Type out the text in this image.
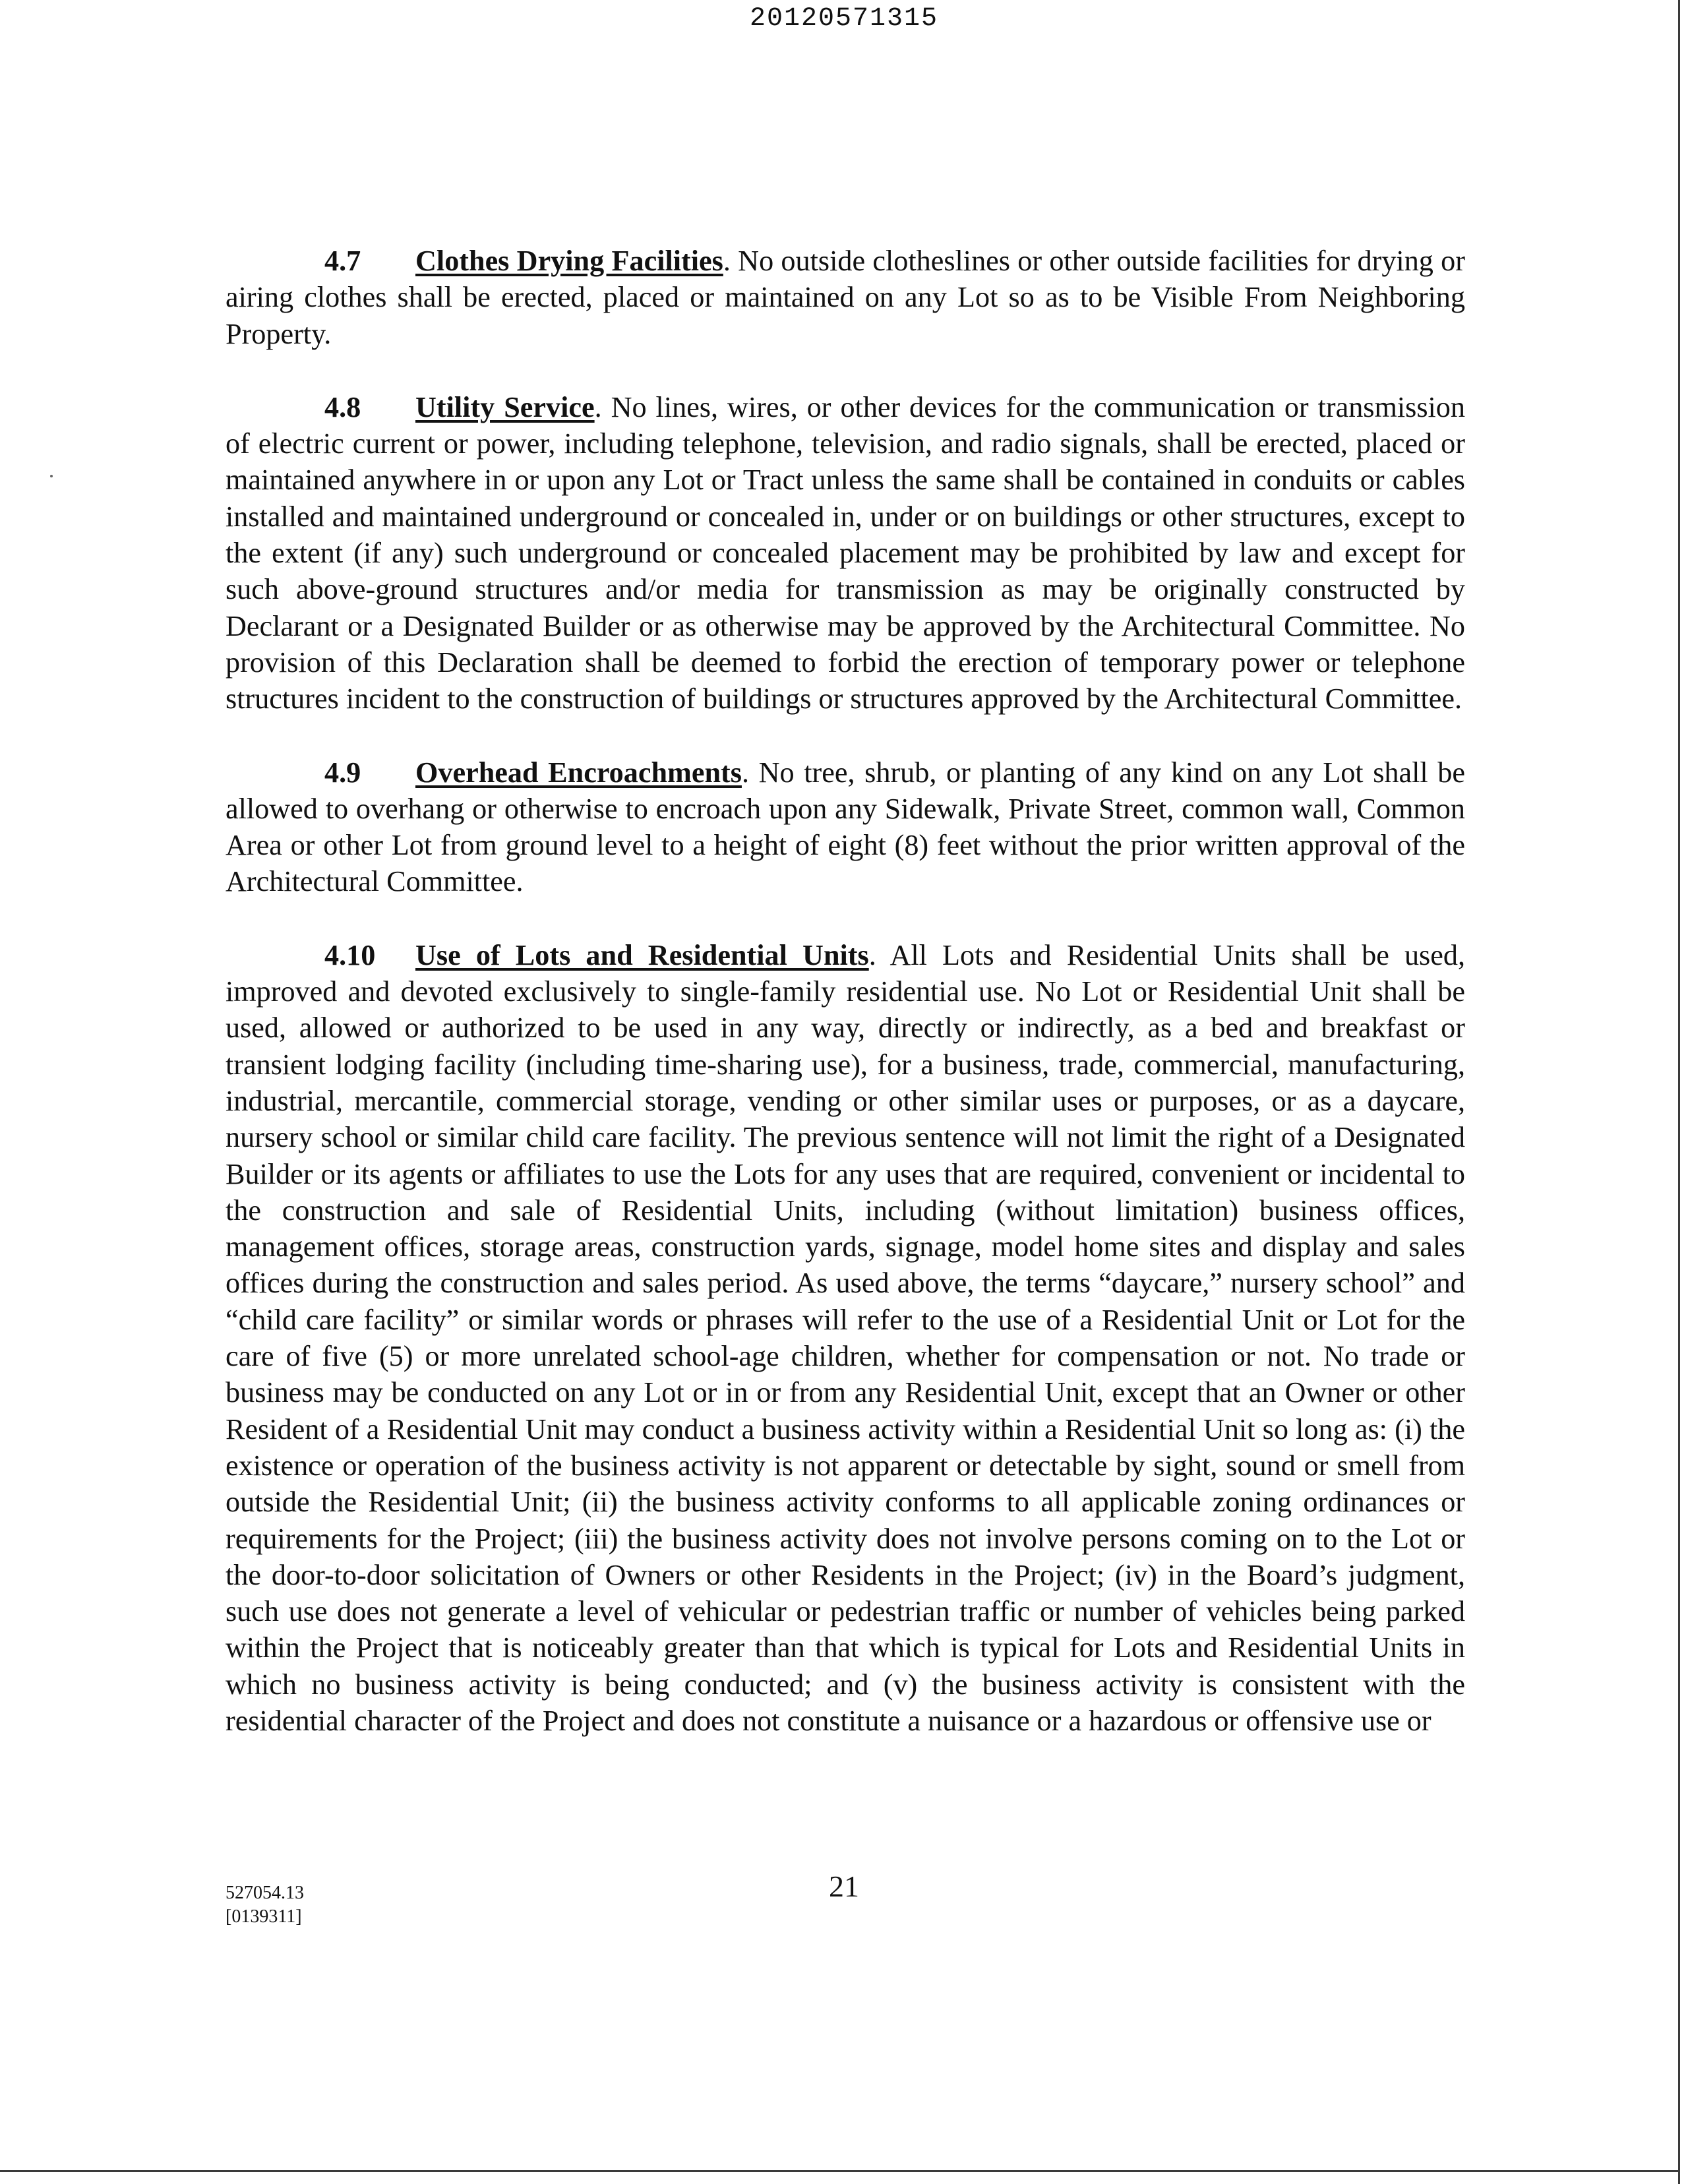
20120571315

4.7 Clothes Drying Facilities. No outside clotheslines or other outside facilities for drying or airing clothes shall be erected, placed or maintained on any Lot so as to be Visible From Neighboring Property.

4.8 Utility Service. No lines, wires, or other devices for the communication or transmission of electric current or power, including telephone, television, and radio signals, shall be erected, placed or maintained anywhere in or upon any Lot or Tract unless the same shall be contained in conduits or cables installed and maintained underground or concealed in, under or on buildings or other structures, except to the extent (if any) such underground or concealed placement may be prohibited by law and except for such above-ground structures and/or media for transmission as may be originally constructed by Declarant or a Designated Builder or as otherwise may be approved by the Architectural Committee. No provision of this Declaration shall be deemed to forbid the erection of temporary power or telephone structures incident to the construction of buildings or structures approved by the Architectural Committee.

4.9 Overhead Encroachments. No tree, shrub, or planting of any kind on any Lot shall be allowed to overhang or otherwise to encroach upon any Sidewalk, Private Street, common wall, Common Area or other Lot from ground level to a height of eight (8) feet without the prior written approval of the Architectural Committee.

4.10 Use of Lots and Residential Units. All Lots and Residential Units shall be used, improved and devoted exclusively to single-family residential use. No Lot or Residential Unit shall be used, allowed or authorized to be used in any way, directly or indirectly, as a bed and breakfast or transient lodging facility (including time-sharing use), for a business, trade, commercial, manufacturing, industrial, mercantile, commercial storage, vending or other similar uses or purposes, or as a daycare, nursery school or similar child care facility. The previous sentence will not limit the right of a Designated Builder or its agents or affiliates to use the Lots for any uses that are required, convenient or incidental to the construction and sale of Residential Units, including (without limitation) business offices, management offices, storage areas, construction yards, signage, model home sites and display and sales offices during the construction and sales period. As used above, the terms “daycare,” nursery school” and “child care facility” or similar words or phrases will refer to the use of a Residential Unit or Lot for the care of five (5) or more unrelated school-age children, whether for compensation or not. No trade or business may be conducted on any Lot or in or from any Residential Unit, except that an Owner or other Resident of a Residential Unit may conduct a business activity within a Residential Unit so long as: (i) the existence or operation of the business activity is not apparent or detectable by sight, sound or smell from outside the Residential Unit; (ii) the business activity conforms to all applicable zoning ordinances or requirements for the Project; (iii) the business activity does not involve persons coming on to the Lot or the door-to-door solicitation of Owners or other Residents in the Project; (iv) in the Board’s judgment, such use does not generate a level of vehicular or pedestrian traffic or number of vehicles being parked within the Project that is noticeably greater than that which is typical for Lots and Residential Units in which no business activity is being conducted; and (v) the business activity is consistent with the residential character of the Project and does not constitute a nuisance or a hazardous or offensive use or

527054.13
[0139311]
21
